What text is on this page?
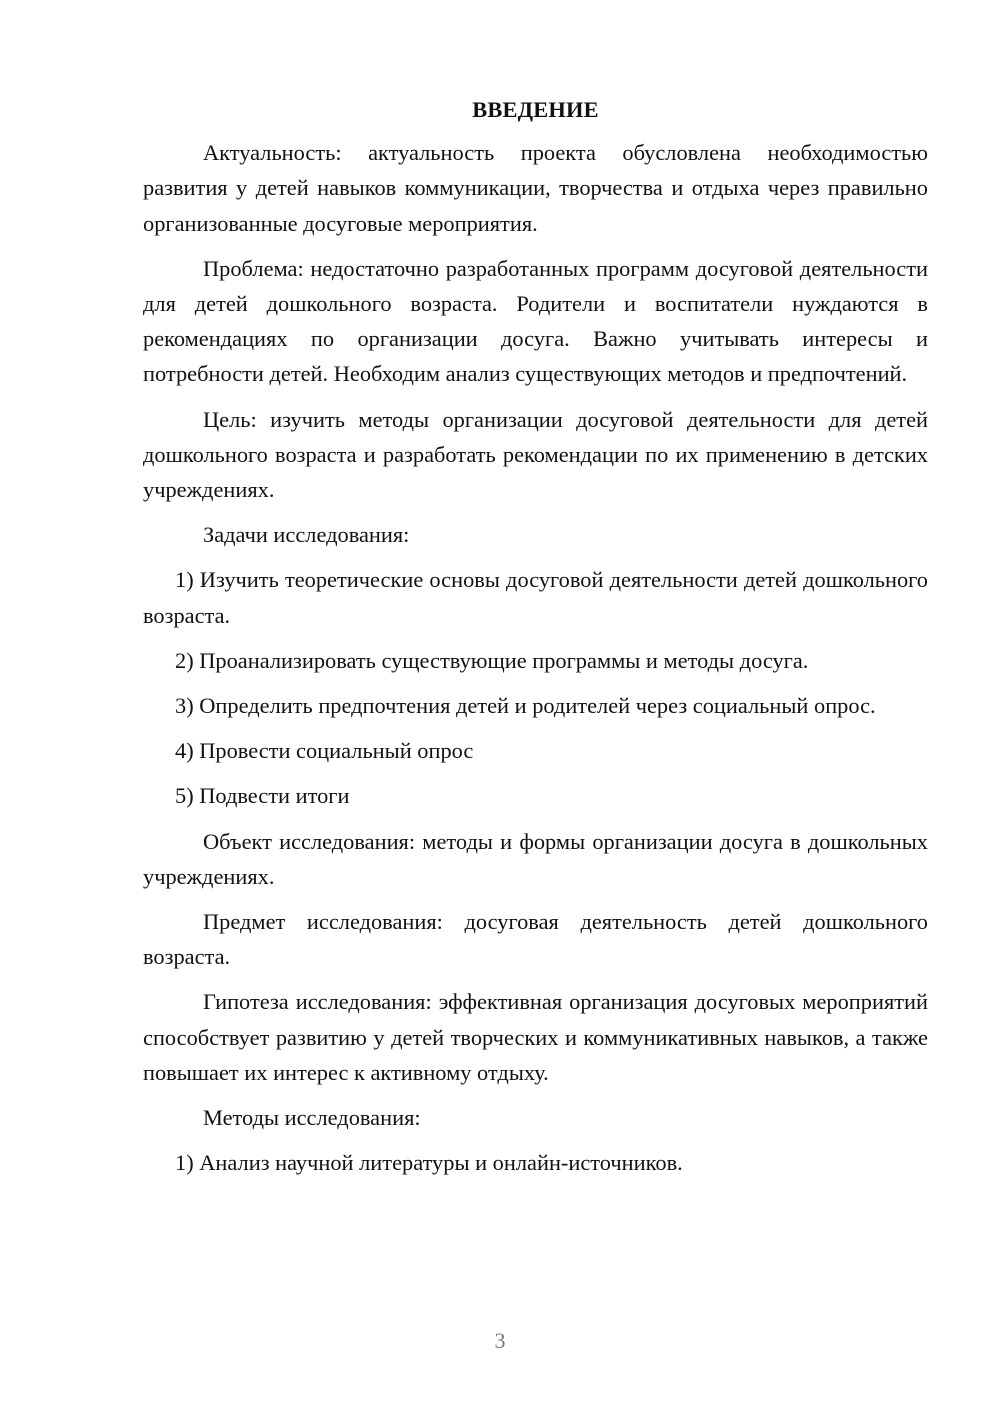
ВВЕДЕНИЕ
Актуальность: актуальность проекта обусловлена необходимостью развития у детей навыков коммуникации, творчества и отдыха через правильно организованные досуговые мероприятия.
Проблема: недостаточно разработанных программ досуговой деятельности для детей дошкольного возраста. Родители и воспитатели нуждаются в рекомендациях по организации досуга. Важно учитывать интересы и потребности детей. Необходим анализ существующих методов и предпочтений.
Цель: изучить методы организации досуговой деятельности для детей дошкольного возраста и разработать рекомендации по их применению в детских учреждениях.
Задачи исследования:
1) Изучить теоретические основы досуговой деятельности детей дошкольного возраста.
2) Проанализировать существующие программы и методы досуга.
3) Определить предпочтения детей и родителей через социальный опрос.
4) Провести социальный опрос
5) Подвести итоги
Объект исследования: методы и формы организации досуга в дошкольных учреждениях.
Предмет исследования: досуговая деятельность детей дошкольного возраста.
Гипотеза исследования: эффективная организация досуговых мероприятий способствует развитию у детей творческих и коммуникативных навыков, а также повышает их интерес к активному отдыху.
Методы исследования:
1) Анализ научной литературы и онлайн-источников.
3
